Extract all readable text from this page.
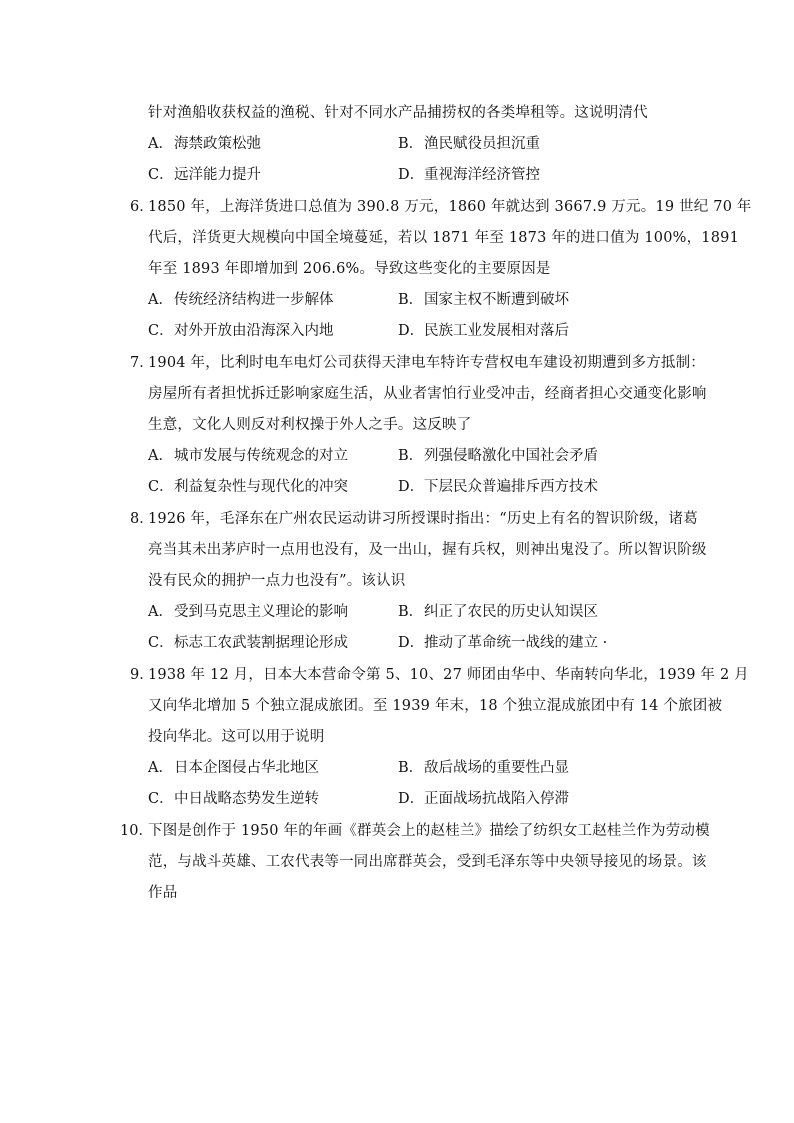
针对渔船收获权益的渔税、针对不同水产品捕捞权的各类埠租等。这说明清代
A．海禁政策松弛	B．渔民赋役员担沉重
C．远洋能力提升	D．重视海洋经济管控
6．
1850 年，上海洋货进口总值为 390.8 万元，1860 年就达到 3667.9 万元。19 世纪 70 年
代后，洋货更大规模向中国全境蔓延，若以 1871 年至 1873 年的进口值为 100%，1891
年至 1893 年即增加到 206.6%。导致这些变化的主要原因是
A．传统经济结构进一步解体	B．国家主权不断遭到破坏
C．对外开放由沿海深入内地	D．民族工业发展相对落后
7．
1904 年，比利时电车电灯公司获得天津电车特许专营权电车建设初期遭到多方抵制：
房屋所有者担忧拆迁影响家庭生活，从业者害怕行业受冲击，经商者担心交通变化影响
生意，文化人则反对利权操于外人之手。这反映了
A．城市发展与传统观念的对立	B．列强侵略激化中国社会矛盾
C．利益复杂性与现代化的冲突	D．下层民众普遍排斥西方技术
8．
1926 年，毛泽东在广州农民运动讲习所授课时指出：“历史上有名的智识阶级，诸葛
亮当其未出茅庐时一点用也没有，及一出山，握有兵权，则神出鬼没了。所以智识阶级
没有民众的拥护一点力也没有”。该认识
A．受到马克思主义理论的影响	B．纠正了农民的历史认知误区
C．标志工农武装割据理论形成	D．推动了革命统一战线的建立 ·
9．
1938 年 12 月，日本大本营命令第 5、10、27 师团由华中、华南转向华北，1939 年 2 月
又向华北增加 5 个独立混成旅团。至 1939 年末，18 个独立混成旅团中有 14 个旅团被
投向华北。这可以用于说明
A．日本企图侵占华北地区	B．敌后战场的重要性凸显
C．中日战略态势发生逆转	D．正面战场抗战陷入停滞
10．
下图是创作于 1950 年的年画《群英会上的赵桂兰》描绘了纺织女工赵桂兰作为劳动模
范，与战斗英雄、工农代表等一同出席群英会，受到毛泽东等中央领导接见的场景。该
作品
